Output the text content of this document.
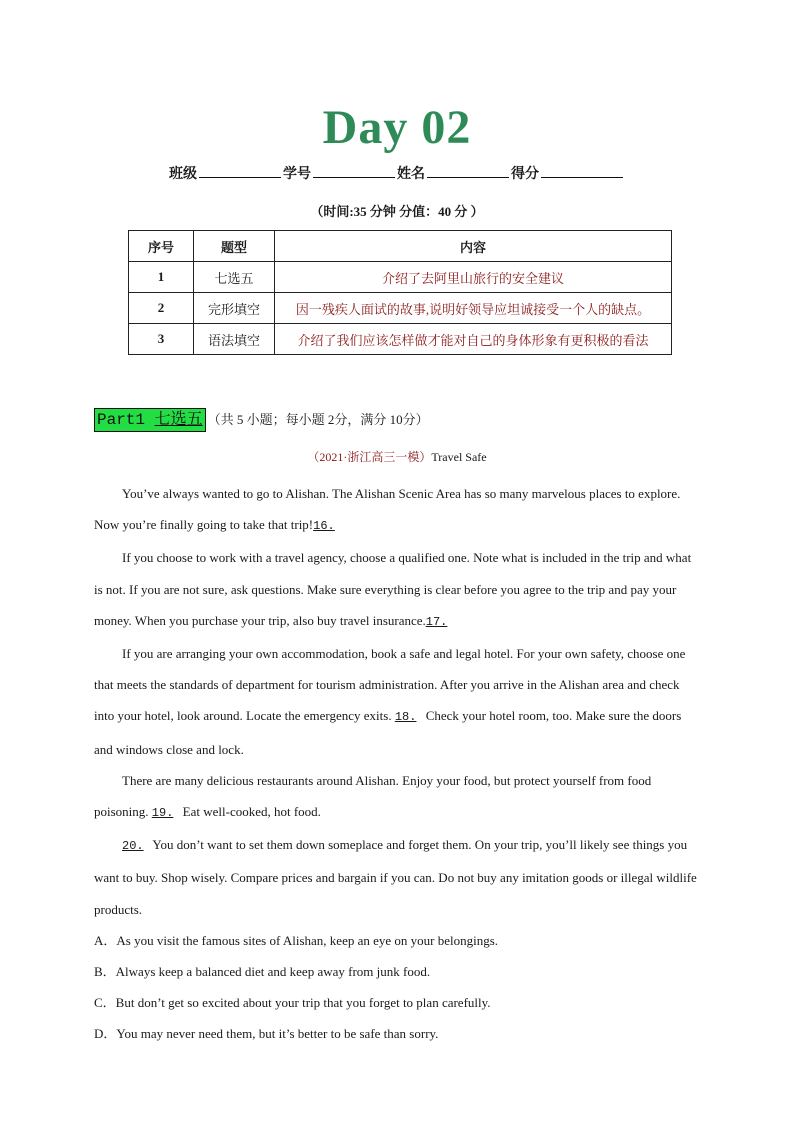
Day 02
班级	学号	姓名	得分
（时间:35 分钟 分值：40 分 ）
序号	题型	内容
1	七选五	介绍了去阿里山旅行的安全建议
2	完形填空	因一残疾人面试的故事,说明好领导应坦诚接受一个人的缺点。
3	语法填空	介绍了我们应该怎样做才能对自己的身体形象有更积极的看法
Part1 七选五 （共 5 小题；每小题 2分，满分 10分）
（2021·浙江高三一模）Travel Safe

You’ve always wanted to go to Alishan. The Alishan Scenic Area has so many marvelous places to explore. Now you’re finally going to take that trip!16.

If you choose to work with a travel agency, choose a qualified one. Note what is included in the trip and what is not. If you are not sure, ask questions. Make sure everything is clear before you agree to the trip and pay your money. When you purchase your trip, also buy travel insurance.17.

If you are arranging your own accommodation, book a safe and legal hotel. For your own safety, choose one that meets the standards of department for tourism administration. After you arrive in the Alishan area and check into your hotel, look around. Locate the emergency exits. 18. Check your hotel room, too. Make sure the doors and windows close and lock.

There are many delicious restaurants around Alishan. Enjoy your food, but protect yourself from food poisoning. 19. Eat well-cooked, hot food.

20. You don’t want to set them down someplace and forget them. On your trip, you’ll likely see things you want to buy. Shop wisely. Compare prices and bargain if you can. Do not buy any imitation goods or illegal wildlife products.

A．As you visit the famous sites of Alishan, keep an eye on your belongings.
B．Always keep a balanced diet and keep away from junk food.
C．But don’t get so excited about your trip that you forget to plan carefully.
D．You may never need them, but it’s better to be safe than sorry.
